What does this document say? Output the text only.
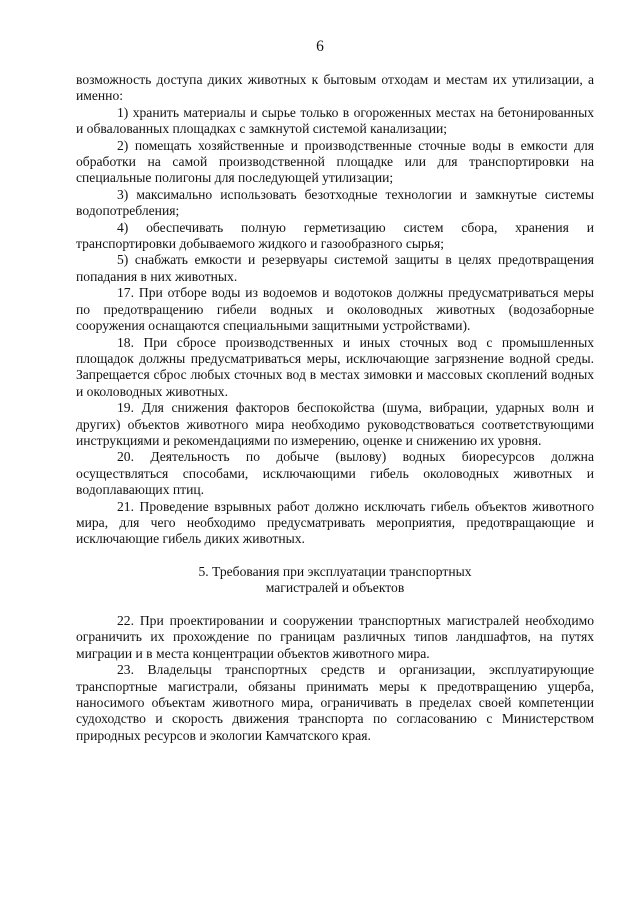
6

возможность доступа диких животных к бытовым отходам и местам их утилизации, а именно:

1) хранить материалы и сырье только в огороженных местах на бетонированных и обвалованных площадках с замкнутой системой канализации;

2) помещать хозяйственные и производственные сточные воды в емкости для обработки на самой производственной площадке или для транспортировки на специальные полигоны для последующей утилизации;

3) максимально использовать безотходные технологии и замкнутые системы водопотребления;

4) обеспечивать полную герметизацию систем сбора, хранения и транспортировки добываемого жидкого и газообразного сырья;

5) снабжать емкости и резервуары системой защиты в целях предотвращения попадания в них животных.

17. При отборе воды из водоемов и водотоков должны предусматриваться меры по предотвращению гибели водных и околоводных животных (водозаборные сооружения оснащаются специальными защитными устройствами).

18. При сбросе производственных и иных сточных вод с промышленных площадок должны предусматриваться меры, исключающие загрязнение водной среды. Запрещается сброс любых сточных вод в местах зимовки и массовых скоплений водных и околоводных животных.

19. Для снижения факторов беспокойства (шума, вибрации, ударных волн и других) объектов животного мира необходимо руководствоваться соответствующими инструкциями и рекомендациями по измерению, оценке и снижению их уровня.

20. Деятельность по добыче (вылову) водных биоресурсов должна осуществляться способами, исключающими гибель околоводных животных и водоплавающих птиц.

21. Проведение взрывных работ должно исключать гибель объектов животного мира, для чего необходимо предусматривать мероприятия, предотвращающие и исключающие гибель диких животных.

5. Требования при эксплуатации транспортных
магистралей и объектов

22. При проектировании и сооружении транспортных магистралей необходимо ограничить их прохождение по границам различных типов ландшафтов, на путях миграции и в места концентрации объектов животного мира.

23. Владельцы транспортных средств и организации, эксплуатирующие транспортные магистрали, обязаны принимать меры к предотвращению ущерба, наносимого объектам животного мира, ограничивать в пределах своей компетенции судоходство и скорость движения транспорта по согласованию с Министерством природных ресурсов и экологии Камчатского края.
